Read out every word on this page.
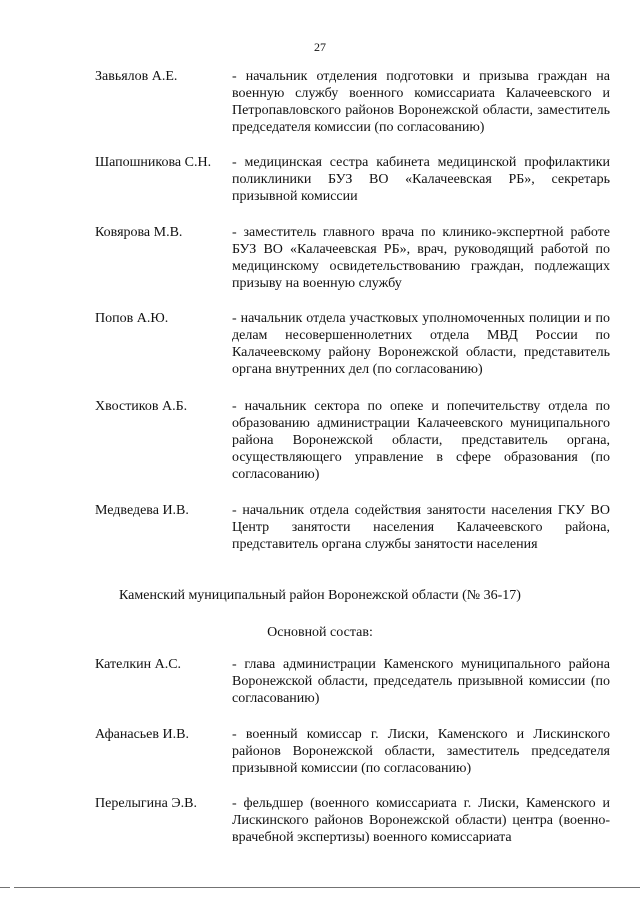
27
Завьялов А.Е.	- начальник отделения подготовки и призыва граждан на военную службу военного комиссариата Калачеевского и Петропавловского районов Воронежской области, заместитель председателя комиссии (по согласованию)
Шапошникова С.Н.	- медицинская сестра кабинета медицинской профилактики поликлиники БУЗ ВО «Калачеевская РБ», секретарь призывной комиссии
Ковярова М.В.	- заместитель главного врача по клинико-экспертной работе БУЗ ВО «Калачеевская РБ», врач, руководящий работой по медицинскому освидетельствованию граждан, подлежащих призыву на военную службу
Попов А.Ю.	- начальник отдела участковых уполномоченных полиции и по делам несовершеннолетних отдела МВД России по Калачеевскому району Воронежской области, представитель органа внутренних дел (по согласованию)
Хвостиков А.Б.	- начальник сектора по опеке и попечительству отдела по образованию администрации Калачеевского муниципального района Воронежской области, представитель органа, осуществляющего управление в сфере образования (по согласованию)
Медведева И.В.	- начальник отдела содействия занятости населения ГКУ ВО Центр занятости населения Калачеевского района, представитель органа службы занятости населения
Каменский муниципальный район Воронежской области (№ 36-17)
Основной состав:
Кателкин А.С.	- глава администрации Каменского муниципального района Воронежской области, председатель призывной комиссии (по согласованию)
Афанасьев И.В.	- военный комиссар г. Лиски, Каменского и Лискинского районов Воронежской области, заместитель председателя призывной комиссии (по согласованию)
Перелыгина Э.В.	- фельдшер (военного комиссариата г. Лиски, Каменского и Лискинского районов Воронежской области) центра (военно-врачебной экспертизы) военного комиссариата
